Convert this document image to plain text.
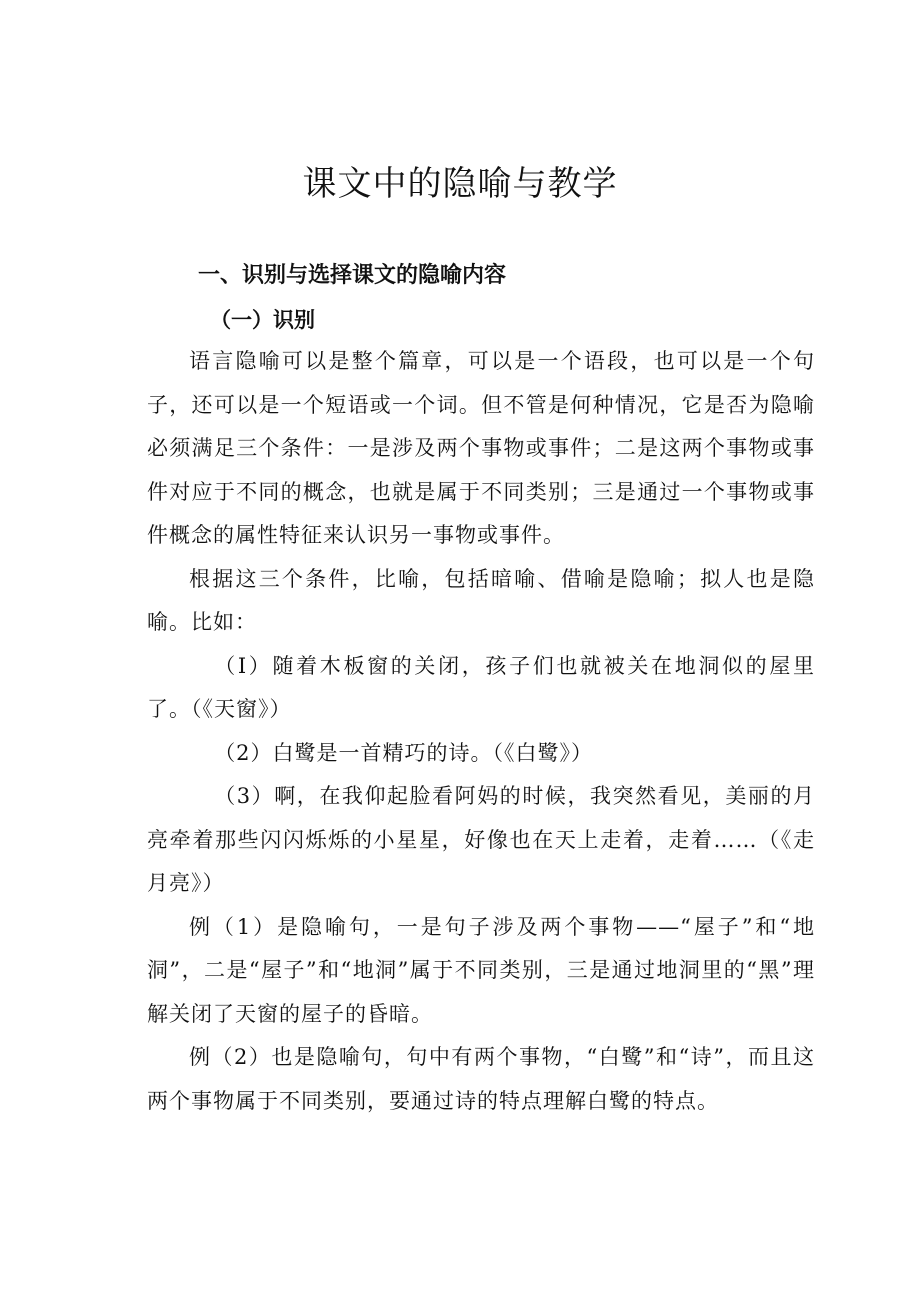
课文中的隐喻与教学
一、识别与选择课文的隐喻内容
（一）识别

语言隐喻可以是整个篇章，可以是一个语段，也可以是一个句子，还可以是一个短语或一个词。但不管是何种情况，它是否为隐喻必须满足三个条件：一是涉及两个事物或事件；二是这两个事物或事件对应于不同的概念，也就是属于不同类别；三是通过一个事物或事件概念的属性特征来认识另一事物或事件。

根据这三个条件，比喻，包括暗喻、借喻是隐喻；拟人也是隐喻。比如：

（I）随着木板窗的关闭，孩子们也就被关在地洞似的屋里了。（《天窗》）

（2）白鹭是一首精巧的诗。（《白鹭》）

（3）啊，在我仰起脸看阿妈的时候，我突然看见，美丽的月亮牵着那些闪闪烁烁的小星星，好像也在天上走着，走着……（《走月亮》）

例（1）是隐喻句，一是句子涉及两个事物——“屋子”和“地洞”，二是“屋子”和“地洞”属于不同类别，三是通过地洞里的“黑”理解关闭了天窗的屋子的昏暗。

例（2）也是隐喻句，句中有两个事物，“白鹭”和“诗”，而且这两个事物属于不同类别，要通过诗的特点理解白鹭的特点。
